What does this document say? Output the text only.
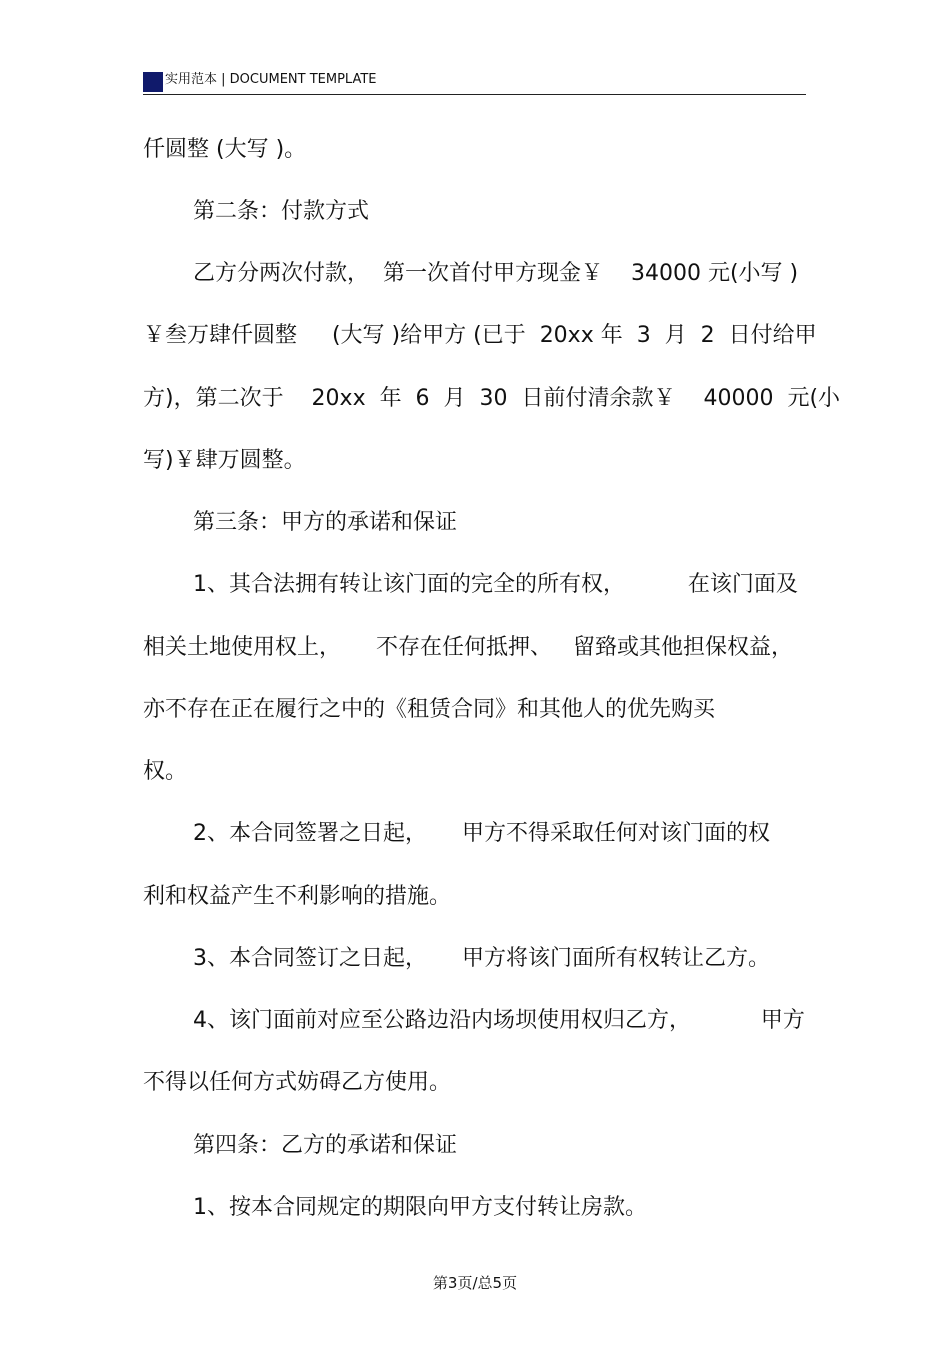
实用范本 | DOCUMENT TEMPLATE
仟圆整 (大写 )。
第二条：付款方式
乙方分两次付款，  第一次首付甲方现金￥    34000 元(小写 )
￥叁万肆仟圆整     (大写 )给甲方 (已于  20xx 年  3  月  2  日付给甲
方)，第二次于    20xx  年  6  月  30  日前付清余款￥    40000  元(小
写)￥肆万圆整。
第三条：甲方的承诺和保证
1、其合法拥有转让该门面的完全的所有权，         在该门面及
相关土地使用权上，     不存在任何抵押、   留臵或其他担保权益，
亦不存在正在履行之中的《租赁合同》和其他人的优先购买
权。
2、本合同签署之日起，     甲方不得采取任何对该门面的权
利和权益产生不利影响的措施。
3、本合同签订之日起，     甲方将该门面所有权转让乙方。
4、该门面前对应至公路边沿内场坝使用权归乙方，          甲方
不得以任何方式妨碍乙方使用。
第四条：乙方的承诺和保证
1、按本合同规定的期限向甲方支付转让房款。
第3页/总5页
